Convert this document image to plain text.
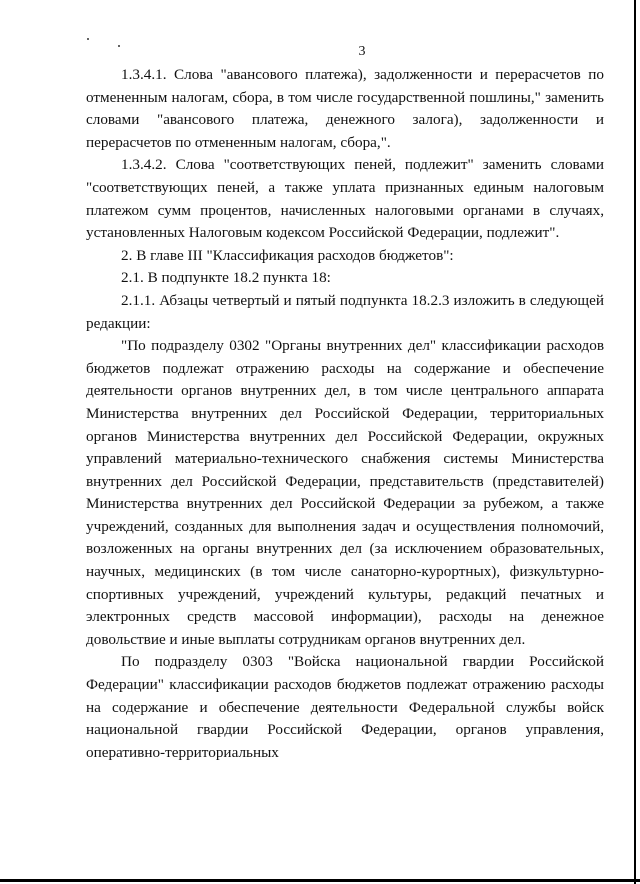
3

1.3.4.1. Слова "авансового платежа), задолженности и перерасчетов по отмененным налогам, сбора, в том числе государственной пошлины," заменить словами "авансового платежа, денежного залога), задолженности и перерасчетов по отмененным налогам, сбора,".

1.3.4.2. Слова "соответствующих пеней, подлежит" заменить словами "соответствующих пеней, а также уплата признанных единым налоговым платежом сумм процентов, начисленных налоговыми органами в случаях, установленных Налоговым кодексом Российской Федерации, подлежит".

2. В главе III "Классификация расходов бюджетов":

2.1. В подпункте 18.2 пункта 18:

2.1.1. Абзацы четвертый и пятый подпункта 18.2.3 изложить в следующей редакции:

"По подразделу 0302 "Органы внутренних дел" классификации расходов бюджетов подлежат отражению расходы на содержание и обеспечение деятельности органов внутренних дел, в том числе центрального аппарата Министерства внутренних дел Российской Федерации, территориальных органов Министерства внутренних дел Российской Федерации, окружных управлений материально-технического снабжения системы Министерства внутренних дел Российской Федерации, представительств (представителей) Министерства внутренних дел Российской Федерации за рубежом, а также учреждений, созданных для выполнения задач и осуществления полномочий, возложенных на органы внутренних дел (за исключением образовательных, научных, медицинских (в том числе санаторно-курортных), физкультурно-спортивных учреждений, учреждений культуры, редакций печатных и электронных средств массовой информации), расходы на денежное довольствие и иные выплаты сотрудникам органов внутренних дел.

По подразделу 0303 "Войска национальной гвардии Российской Федерации" классификации расходов бюджетов подлежат отражению расходы на содержание и обеспечение деятельности Федеральной службы войск национальной гвардии Российской Федерации, органов управления, оперативно-территориальных
